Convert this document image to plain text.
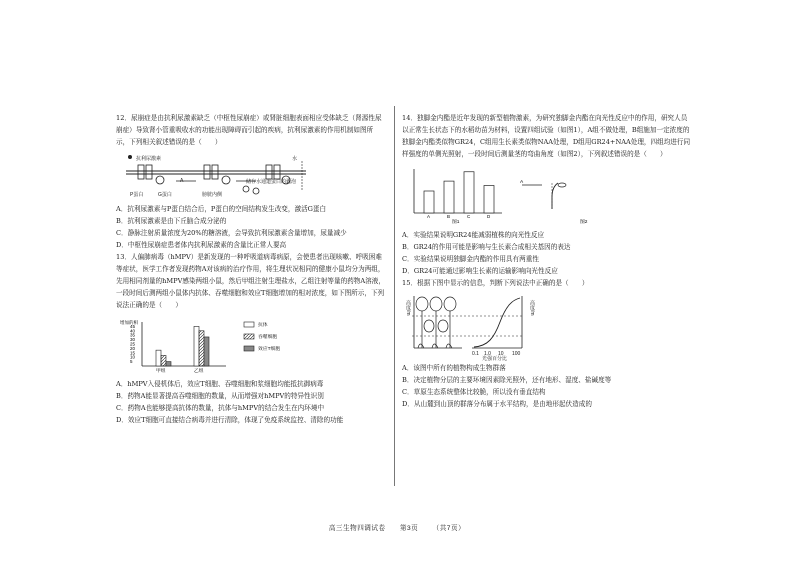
12．尿崩症是由抗利尿激素缺乏（中枢性尿崩症）或肾脏细胞表面相应受体缺乏（肾源性尿崩症）导致肾小管重吸收水的功能出现障碍而引起的疾病，抗利尿激素的作用机制如图所示，下列相关叙述错误的是（　　）

抗利尿激素
P蛋白	G蛋白
A
膀胱内侧
储存水通道蛋白的囊泡
水

A．抗利尿激素与P蛋白结合后，P蛋白的空间结构发生改变，激活G蛋白

B．抗利尿激素是由下丘脑合成分泌的

C．静脉注射质量浓度为20%的糖溶液，会导致抗利尿激素含量增加，尿量减少

D．中枢性尿崩症患者体内抗利尿激素的含量比正常人要高

13．人偏肺病毒（hMPV）是新发现的一种呼吸道病毒病原，会使患者出现咳嗽、呼吸困难等症状，医学工作者发现药物A对该病的治疗作用，将生理状况相同的健康小鼠均分为两组，先用相同剂量的hMPV感染两组小鼠，然后甲组注射生理盐水，乙组注射等量的药物A溶液，一段时间后测两组小鼠体内抗体、吞噬细胞和效应T细胞增加的相对浓度，如下图所示，下列说法正确的是（　　）

增加的相
45
40
35
30
25
20
15
10
5
甲组	乙组
抗体
吞噬细胞
效应T细胞

A．hMPV入侵机体后，效应T细胞、吞噬细胞和浆细胞均能抵抗御病毒

B．药物A能显著提高吞噬细胞的数量，从而增强对hMPV的特异性识别

C．药物A也能够提高抗体的数量，抗体与hMPV的结合发生在内环境中

D．效应T细胞可直接结合病毒并进行清除，体现了免疫系统监控、清除的功能

14．独脚金内酯是近年发现的新型植物激素，为研究独脚金内酯在向光性反应中的作用，研究人员以正常生长状态下的水稻幼苗为材料，设置四组试验（如图1），A组不做处理，B组施加一定浓度的独脚金内酯类似物GR24，C组用生长素类似物NAA处理，D组用GR24+NAA处理，四组均进行同样强度的单侧光照射，一段时间后测量茎的弯曲角度（如图2），下列叙述错误的是（　　）

A	B	C	D
图1
A
图2

A．实验结果说明GR24能减弱植株的向光性反应

B．GR24的作用可能是影响与生长素合成相关基因的表达

C．实验结果说明独脚金内酯的作用具有两重性

D．GR24可能通过影响生长素的运输影响向光性反应

15．根据下图中显示的信息，判断下列说法中正确的是（　　）

高度/m	高度/m
0.1 1.0 10 100
光强百分比

A．该图中所有的植物构成生物群落

B．决定植物分层的主要环境因素除光照外，还有地形、湿度、盐碱度等

C．草原生态系统整体比较脆，所以没有垂直结构

D．从山麓到山顶的群落分布属于水平结构，是由地形起伏造成的

高三生物四调试卷 第3页 （共7页）
